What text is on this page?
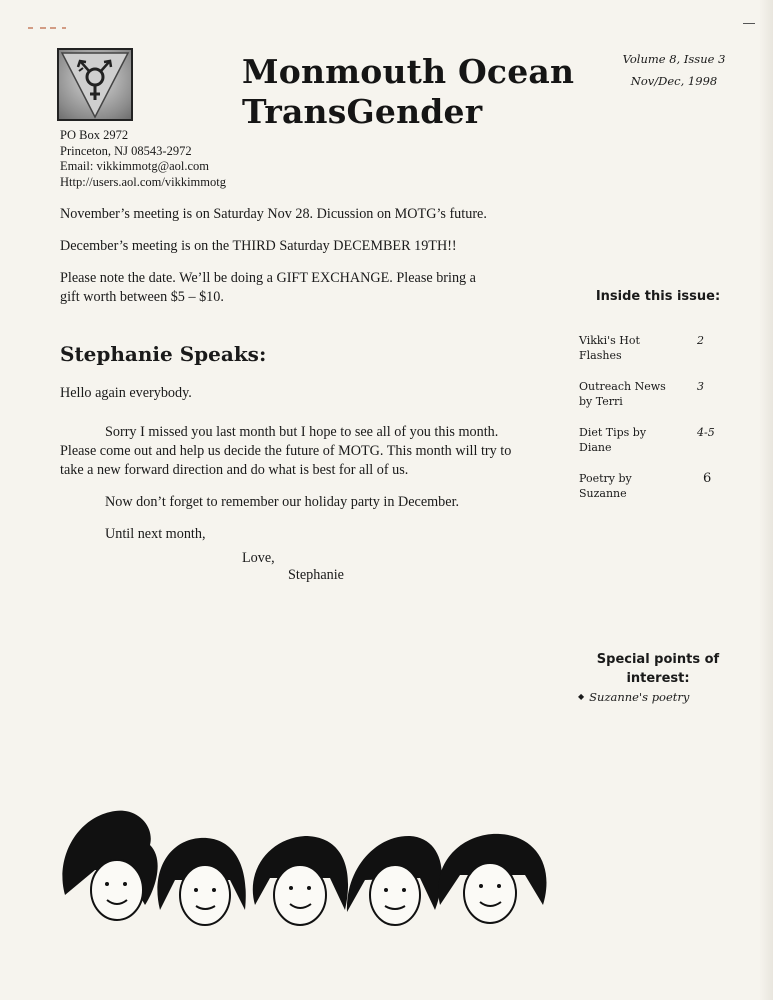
PO Box 2972
Princeton, NJ 08543-2972
Email: vikkimmotg@aol.com
Http://users.aol.com/vikkimmotg
Monmouth Ocean
TransGender
Volume 8, Issue 3
Nov/Dec, 1998

November’s meeting is on Saturday Nov 28. Dicussion on MOTG’s future.

December’s meeting is on the THIRD Saturday DECEMBER 19TH!!

Please note the date. We’ll be doing a GIFT EXCHANGE. Please bring a gift worth between $5 – $10.

Stephanie Speaks:

Hello again everybody.

Sorry I missed you last month but I hope to see all of you this month. Please come out and help us decide the future of MOTG. This month will try to take a new forward direction and do what is best for all of us.

Now don’t forget to remember our holiday party in December.

Until next month,

Love,
Stephanie
Inside this issue:
Vikki's Hot Flashes
2
Outreach News by Terri
3
Diet Tips by Diane
4-5
Poetry by Suzanne
6
Special points of
interest:
◆ Suzanne's poetry
